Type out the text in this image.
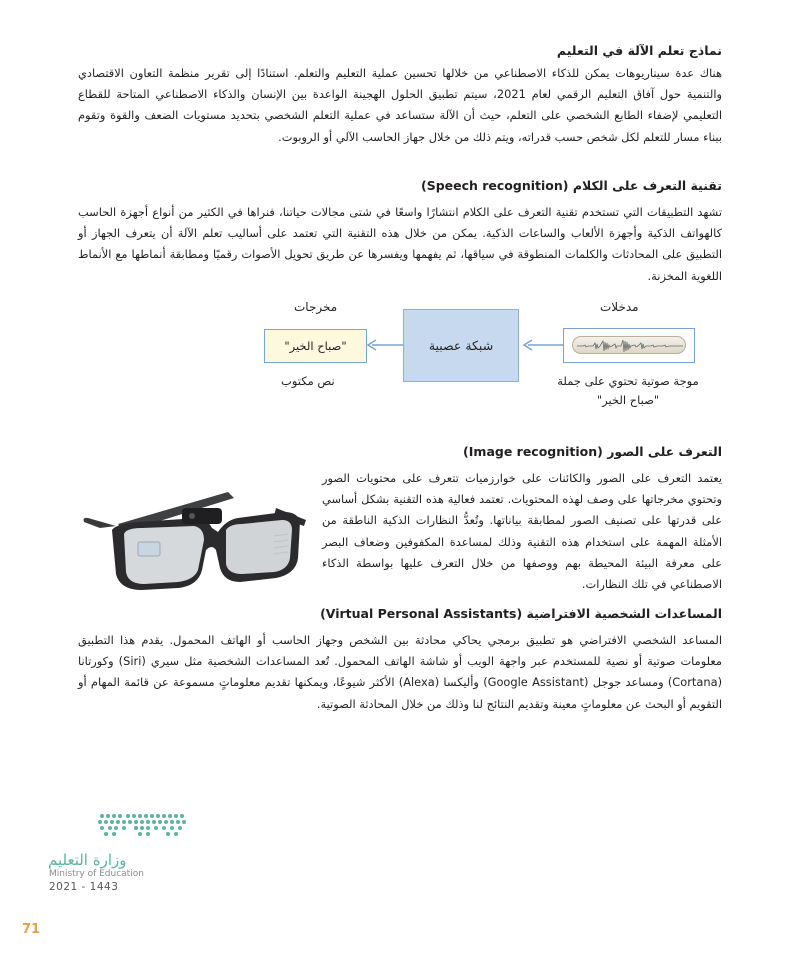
نماذج تعلم الآلة في التعليم
هناك عدة سيناريوهات يمكن للذكاء الاصطناعي من خلالها تحسين عملية التعليم والتعلم. استنادًا إلى تقرير منظمة التعاون الاقتصادي والتنمية حول آفاق التعليم الرقمي لعام 2021، سيتم تطبيق الحلول الهجينة الواعدة بين الإنسان والذكاء الاصطناعي المتاحة للقطاع التعليمي لإضفاء الطابع الشخصي على التعلم، حيث أن الآلة ستساعد في عملية التعلم الشخصي بتحديد مستويات الضعف والقوة وتقوم ببناء مسار للتعلم لكل شخص حسب قدراته، ويتم ذلك من خلال جهاز الحاسب الآلي أو الروبوت.
تقنية التعرف على الكلام (Speech recognition)
تشهد التطبيقات التي تستخدم تقنية التعرف على الكلام انتشارًا واسعًا في شتى مجالات حياتنا، فنراها في الكثير من أنواع أجهزة الحاسب كالهواتف الذكية وأجهزة الألعاب والساعات الذكية. يمكن من خلال هذه التقنية التي تعتمد على أساليب تعلم الآلة أن يتعرف الجهاز أو التطبيق على المحادثات والكلمات المنطوقة في سياقها، ثم يفهمها ويفسرها عن طريق تحويل الأصوات رقميًا ومطابقة أنماطها مع الأنماط اللغوية المخزنة.
مدخلات
مخرجات
شبكة عصبية
"صباح الخير"
موجة صوتية تحتوي على جملة "صباح الخير"
نص مكتوب
التعرف على الصور (Image recognition)
يعتمد التعرف على الصور والكائنات على خوارزميات تتعرف على محتويات الصور وتحتوي مخرجاتها على وصف لهذه المحتويات. تعتمد فعالية هذه التقنية بشكل أساسي على قدرتها على تصنيف الصور لمطابقة بياناتها. وتُعدُّ النظارات الذكية الناطقة من الأمثلة المهمة على استخدام هذه التقنية وذلك لمساعدة المكفوفين وضعاف البصر على معرفة البيئة المحيطة بهم ووصفها من خلال التعرف عليها بواسطة الذكاء الاصطناعي في تلك النظارات.
المساعدات الشخصية الافتراضية (Virtual Personal Assistants)
المساعد الشخصي الافتراضي هو تطبيق برمجي يحاكي محادثة بين الشخص وجهاز الحاسب أو الهاتف المحمول. يقدم هذا التطبيق معلومات صوتية أو نصية للمستخدم عبر واجهة الويب أو شاشة الهاتف المحمول. تُعد المساعدات الشخصية مثل سيري (Siri) وكورتانا (Cortana) ومساعد جوجل (Google Assistant) وأليكسا (Alexa) الأكثر شيوعًا، ويمكنها تقديم معلوماتٍ مسموعة عن قائمة المهام أو التقويم أو البحث عن معلوماتٍ معينة وتقديم النتائج لنا وذلك من خلال المحادثة الصوتية.
وزارة التعليم
Ministry of Education
2021 - 1443
71
